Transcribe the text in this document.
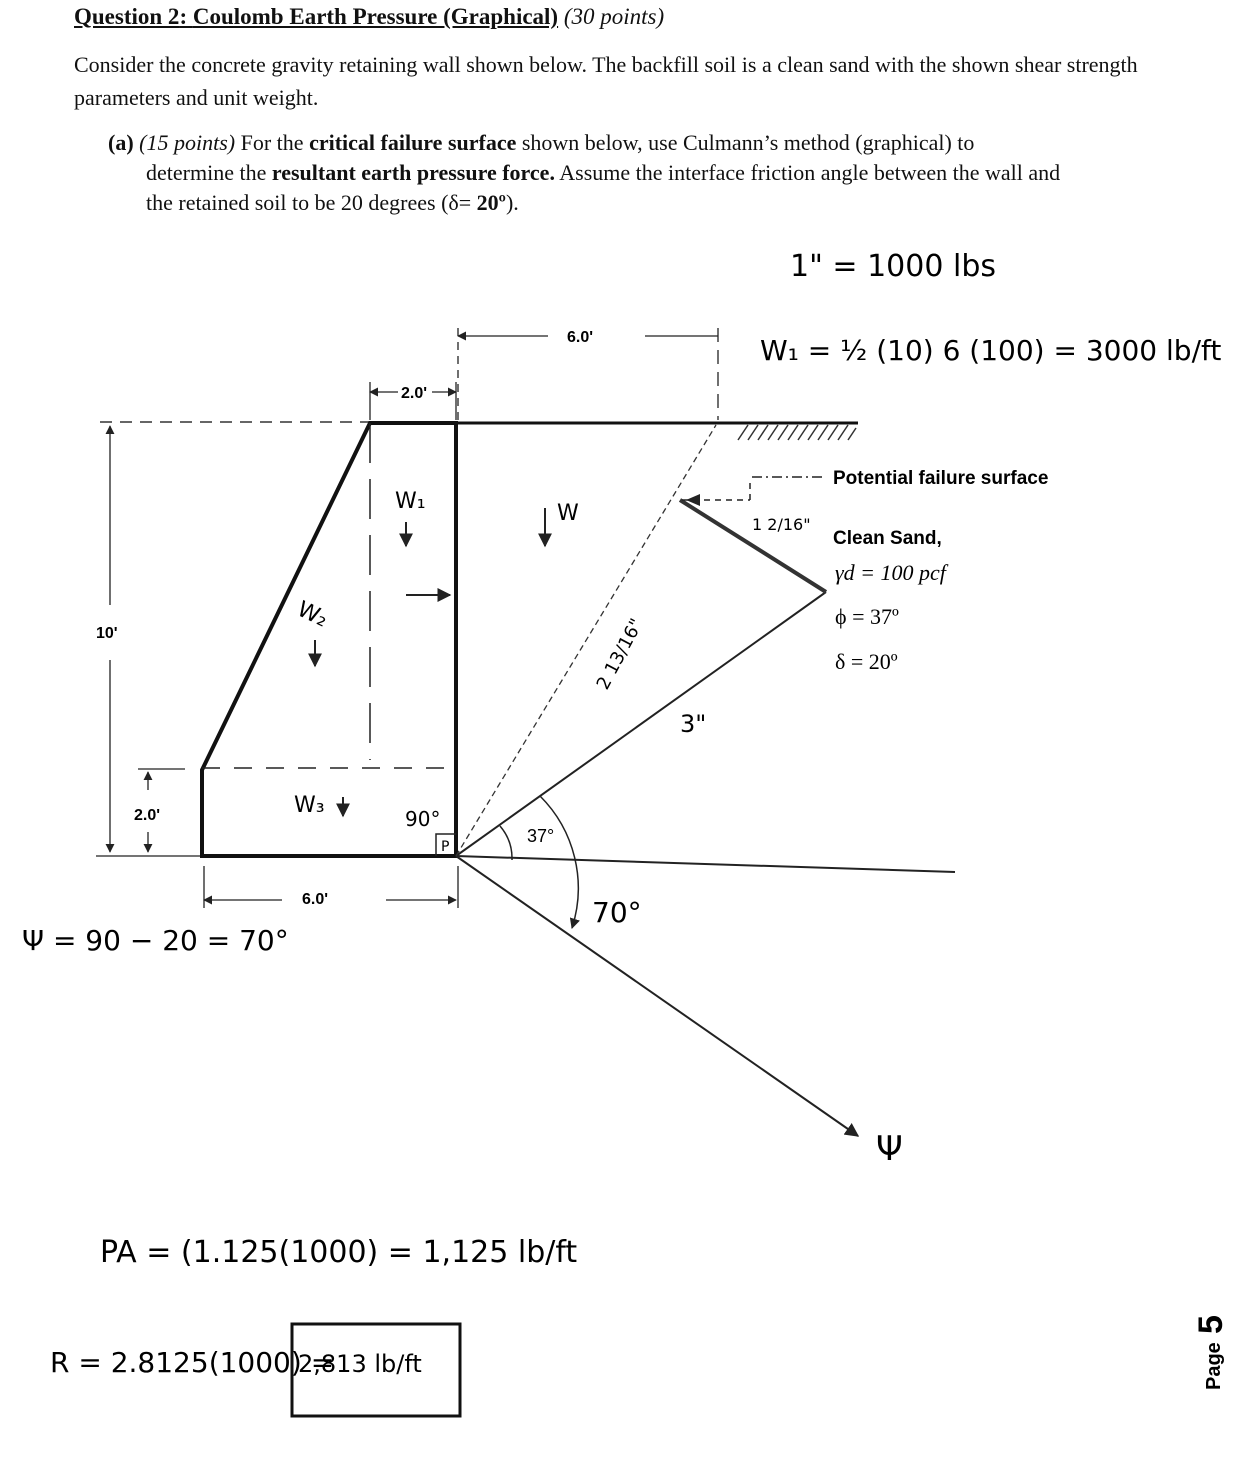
Question 2: Coulomb Earth Pressure (Graphical) (30 points)
Consider the concrete gravity retaining wall shown below. The backfill soil is a clean sand with the shown shear strength parameters and unit weight.
(a) (15 points) For the critical failure surface shown below, use Culmann’s method (graphical) to
determine the resultant earth pressure force. Assume the interface friction angle between the wall and
the retained soil to be 20 degrees (δ= 20º).
6.0'
2.0'
10'
2.0'
6.0'
Potential failure surface
Clean Sand,
γd = 100 pcf
ϕ = 37º
δ = 20º
37°
1" = 1000 lbs
W₁ = ½ (10) 6 (100) = 3000 lb/ft
W₁
W₂
W₃
90°
P
W
70°
1 2/16"
2 13/16"
3"
Ψ
Ψ = 90 − 20 = 70°
PA = (1.125(1000) = 1,125 lb/ft
R = 2.8125(1000) =
2,813 lb/ft	Page
5
